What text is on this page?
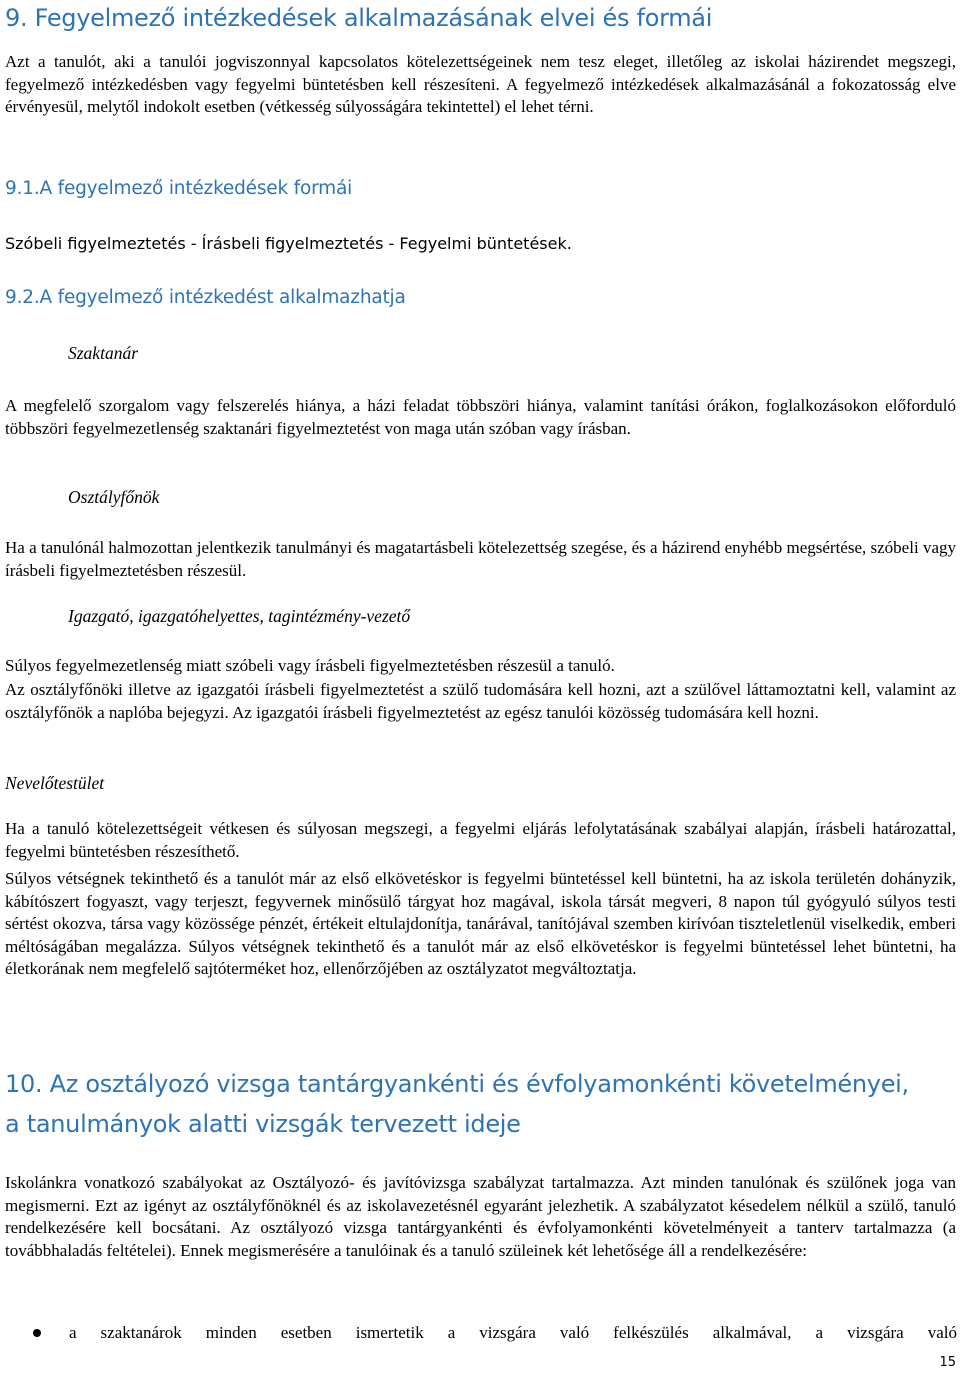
9. Fegyelmező intézkedések alkalmazásának elvei és formái
Azt a tanulót, aki a tanulói jogviszonnyal kapcsolatos kötelezettségeinek nem tesz eleget, illetőleg az iskolai házirendet megszegi, fegyelmező intézkedésben vagy fegyelmi büntetésben kell részesíteni. A fegyelmező intézkedések alkalmazásánál a fokozatosság elve érvényesül, melytől indokolt esetben (vétkesség súlyosságára tekintettel) el lehet térni.
9.1.A fegyelmező intézkedések formái
Szóbeli figyelmeztetés - Írásbeli figyelmeztetés - Fegyelmi büntetések.
9.2.A fegyelmező intézkedést alkalmazhatja
Szaktanár
A megfelelő szorgalom vagy felszerelés hiánya, a házi feladat többszöri hiánya, valamint tanítási órákon, foglalkozásokon előforduló többszöri fegyelmezetlenség szaktanári figyelmeztetést von maga után szóban vagy írásban.
Osztályfőnök
Ha a tanulónál halmozottan jelentkezik tanulmányi és magatartásbeli kötelezettség szegése, és a házirend enyhébb megsértése, szóbeli vagy írásbeli figyelmeztetésben részesül.
Igazgató, igazgatóhelyettes, tagintézmény-vezető
Súlyos fegyelmezetlenség miatt szóbeli vagy írásbeli figyelmeztetésben részesül a tanuló.
Az osztályfőnöki illetve az igazgatói írásbeli figyelmeztetést a szülő tudomására kell hozni, azt a szülővel láttamoztatni kell, valamint az osztályfőnök a naplóba bejegyzi. Az igazgatói írásbeli figyelmeztetést az egész tanulói közösség tudomására kell hozni.
Nevelőtestület
Ha a tanuló kötelezettségeit vétkesen és súlyosan megszegi, a fegyelmi eljárás lefolytatásának szabályai alapján, írásbeli határozattal, fegyelmi büntetésben részesíthető.
Súlyos vétségnek tekinthető és a tanulót már az első elkövetéskor is fegyelmi büntetéssel kell büntetni, ha az iskola területén dohányzik, kábítószert fogyaszt, vagy terjeszt, fegyvernek minősülő tárgyat hoz magával, iskola társát megveri, 8 napon túl gyógyuló súlyos testi sértést okozva, társa vagy közössége pénzét, értékeit eltulajdonítja, tanárával, tanítójával szemben kirívóan tiszteletlenül viselkedik, emberi méltóságában megalázza. Súlyos vétségnek tekinthető és a tanulót már az első elkövetéskor is fegyelmi büntetéssel lehet büntetni, ha életkorának nem megfelelő sajtóterméket hoz, ellenőrzőjében az osztályzatot megváltoztatja.
10. Az osztályozó vizsga tantárgyankénti és évfolyamonkénti követelményei,
a tanulmányok alatti vizsgák tervezett ideje
Iskolánkra vonatkozó szabályokat az Osztályozó- és javítóvizsga szabályzat tartalmazza. Azt minden tanulónak és szülőnek joga van megismerni. Ezt az igényt az osztályfőnöknél és az iskolavezetésnél egyaránt jelezhetik. A szabályzatot késedelem nélkül a szülő, tanuló rendelkezésére kell bocsátani. Az osztályozó vizsga tantárgyankénti és évfolyamonkénti követelményeit a tanterv tartalmazza (a továbbhaladás feltételei). Ennek megismerésére a tanulóinak és a tanuló szüleinek két lehetősége áll a rendelkezésére:
a szaktanárok minden esetben ismertetik a vizsgára való felkészülés alkalmával, a vizsgára való
15
